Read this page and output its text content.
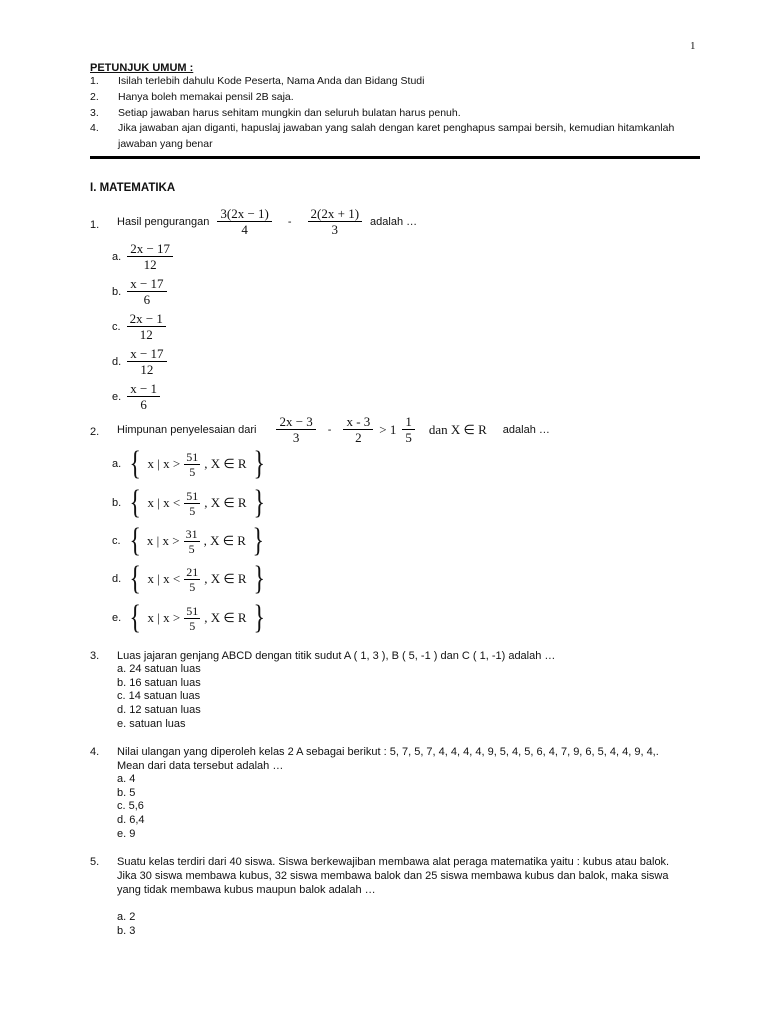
1
PETUNJUK UMUM :
1. Isilah terlebih dahulu Kode Peserta, Nama Anda dan Bidang Studi
2. Hanya boleh memakai pensil 2B saja.
3. Setiap jawaban harus sehitam mungkin dan seluruh bulatan harus penuh.
4. Jika jawaban ajan diganti, hapuslaj jawaban yang salah dengan karet penghapus sampai bersih, kemudian hitamkanlah
jawaban yang benar
I. MATEMATIKA
1. Hasil pengurangan $\frac{3(2x - 1)}{4} - \frac{2(2x + 1)}{3}$ adalah …
a. $\frac{2x - 17}{12}$
b. $\frac{x - 17}{6}$
c. $\frac{2x - 1}{12}$
d. $\frac{x - 17}{12}$
e. $\frac{x - 1}{6}$
2. Himpunan penyelesaian dari $\frac{2x - 3}{3} - \frac{x - 3}{2} > 1 \frac{1}{5}$ dan X ∈ R adalah …
a. { x | x > 51
5
, X ∈ R }
b. { x | x < 51
5
, X ∈ R }
c. { x | x > 31
5
, X ∈ R }
d. { x | x < 21
5
, X ∈ R }
e. { x | x > 51
5
, X ∈ R }
3. Luas jajaran genjang ABCD dengan titik sudut A ( 1, 3 ), B ( 5, -1 ) dan C ( 1, -1) adalah …
a. 24 satuan luas
b. 16 satuan luas
c. 14 satuan luas
d. 12 satuan luas
e. satuan luas
4. Nilai ulangan yang diperoleh kelas 2 A sebagai berikut : 5, 7, 5, 7, 4, 4, 4, 4, 9, 5, 4, 5, 6, 4, 7, 9, 6, 5, 4, 4, 9, 4,.
Mean dari data tersebut adalah …
a. 4
b. 5
c. 5,6
d. 6,4
e. 9
5. Suatu kelas terdiri dari 40 siswa. Siswa berkewajiban membawa alat peraga matematika yaitu : kubus atau balok.
Jika 30 siswa membawa kubus, 32 siswa membawa balok dan 25 siswa membawa kubus dan balok, maka siswa
yang tidak membawa kubus maupun balok adalah …
a. 2
b. 3
